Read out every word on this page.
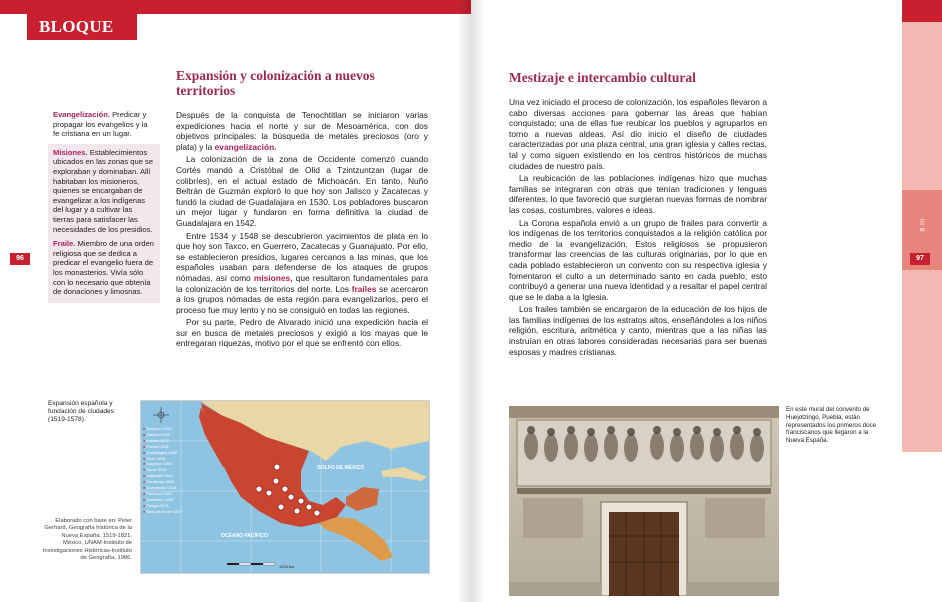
BLOQUE III
Expansión y colonización a nuevos territorios
Evangelización. Predicar y propagar los evangelios y la fe cristiana en un lugar.
Misiones. Establecimientos ubicados en las zonas que se exploraban y dominaban. Allí habitaban los misioneros, quienes se encargaban de evangelizar a los indígenas del lugar y a cultivar las tierras para satisfacer las necesidades de los presidios.
Fraile. Miembro de una orden religiosa que se dedica a predicar el evangelio fuera de los monasterios. Vivía sólo con lo necesario que obtenía de donaciones y limosnas.

Después de la conquista de Tenochtitlan se iniciaron varias expediciones hacia el norte y sur de Mesoamérica, con dos objetivos principales: la búsqueda de metales preciosos (oro y plata) y la evangelización.

La colonización de la zona de Occidente comenzó cuando Cortés mandó a Cristóbal de Olid a Tzintzuntzan (lugar de colibríes), en el actual estado de Michoacán. En tanto, Nuño Beltrán de Guzmán exploró lo que hoy son Jalisco y Zacatecas y fundó la ciudad de Guadalajara en 1530. Los pobladores buscaron un mejor lugar y fundaron en forma definitiva la ciudad de Guadalajara en 1542.

Entre 1534 y 1548 se descubrieron yacimientos de plata en lo que hoy son Taxco, en Guerrero, Zacatecas y Guanajuato. Por ello, se establecieron presidios, lugares cercanos a las minas, que los españoles usaban para defenderse de los ataques de grupos nómadas, así como misiones, que resultaron fundamentales para la colonización de los territorios del norte. Los frailes se acercaron a los grupos nómadas de esta región para evangelizarlos, pero el proceso fue muy lento y no se consiguió en todas las regiones.

Por su parte, Pedro de Alvarado inició una expedición hacia el sur en busca de metales preciosos y exigió a los mayas que le entregaran riquezas, motivo por el que se enfrentó con ellos.

96
Expansión española y fundación de ciudades (1519-1578).
Elaborado con base en: Peter Gerhard, Geografía histórica de la Nueva España. 1519-1821, México, UNAM-Instituto de Investigaciones Históricas-Instituto de Geografía, 1986.
GOLFO DE MÉXICO
OCÉANO PACÍFICO
1200 km
● Veracruz /1519
● Oaxaca /1522
● Colima /1523
● Puebla /1531
● Guadalajara /1530
● Tepic /1531
● Acapulco /1550
● Taxco /1534
● Valladolid /1541
● Zacatecas /1546
● Guanajuato /1548
● Pachuca /1552
● Querétaro /1552
● Celaya /1571
● Real del Monte /1577
B III
Mestizaje e intercambio cultural

Una vez iniciado el proceso de colonización, los españoles llevaron a cabo diversas acciones para gobernar las áreas que habían conquistado; una de ellas fue reubicar los pueblos y agruparlos en torno a nuevas aldeas. Así dio inicio el diseño de ciudades caracterizadas por una plaza central, una gran iglesia y calles rectas, tal y como siguen existiendo en los centros históricos de muchas ciudades de nuestro país.

La reubicación de las poblaciones indígenas hizo que muchas familias se integraran con otras que tenían tradiciones y lenguas diferentes, lo que favoreció que surgieran nuevas formas de nombrar las cosas, costumbres, valores e ideas.

La Corona española envió a un grupo de frailes para convertir a los indígenas de los territorios conquistados a la religión católica por medio de la evangelización. Estos religiosos se propusieron transformar las creencias de las culturas originarias, por lo que en cada poblado establecieron un convento con su respectiva iglesia y fomentaron el culto a un determinado santo en cada pueblo; esto contribuyó a generar una nueva identidad y a resaltar el papel central que se le daba a la Iglesia.

Los frailes también se encargaron de la educación de los hijos de las familias indígenas de los estratos altos, enseñándoles a los niños religión, escritura, aritmética y canto, mientras que a las niñas las instruían en otras labores consideradas necesarias para ser buenas esposas y madres cristianas.

97
En este mural del convento de Huejotzingo, Puebla, están representados los primeros doce franciscanos que llegaron a la Nueva España.
